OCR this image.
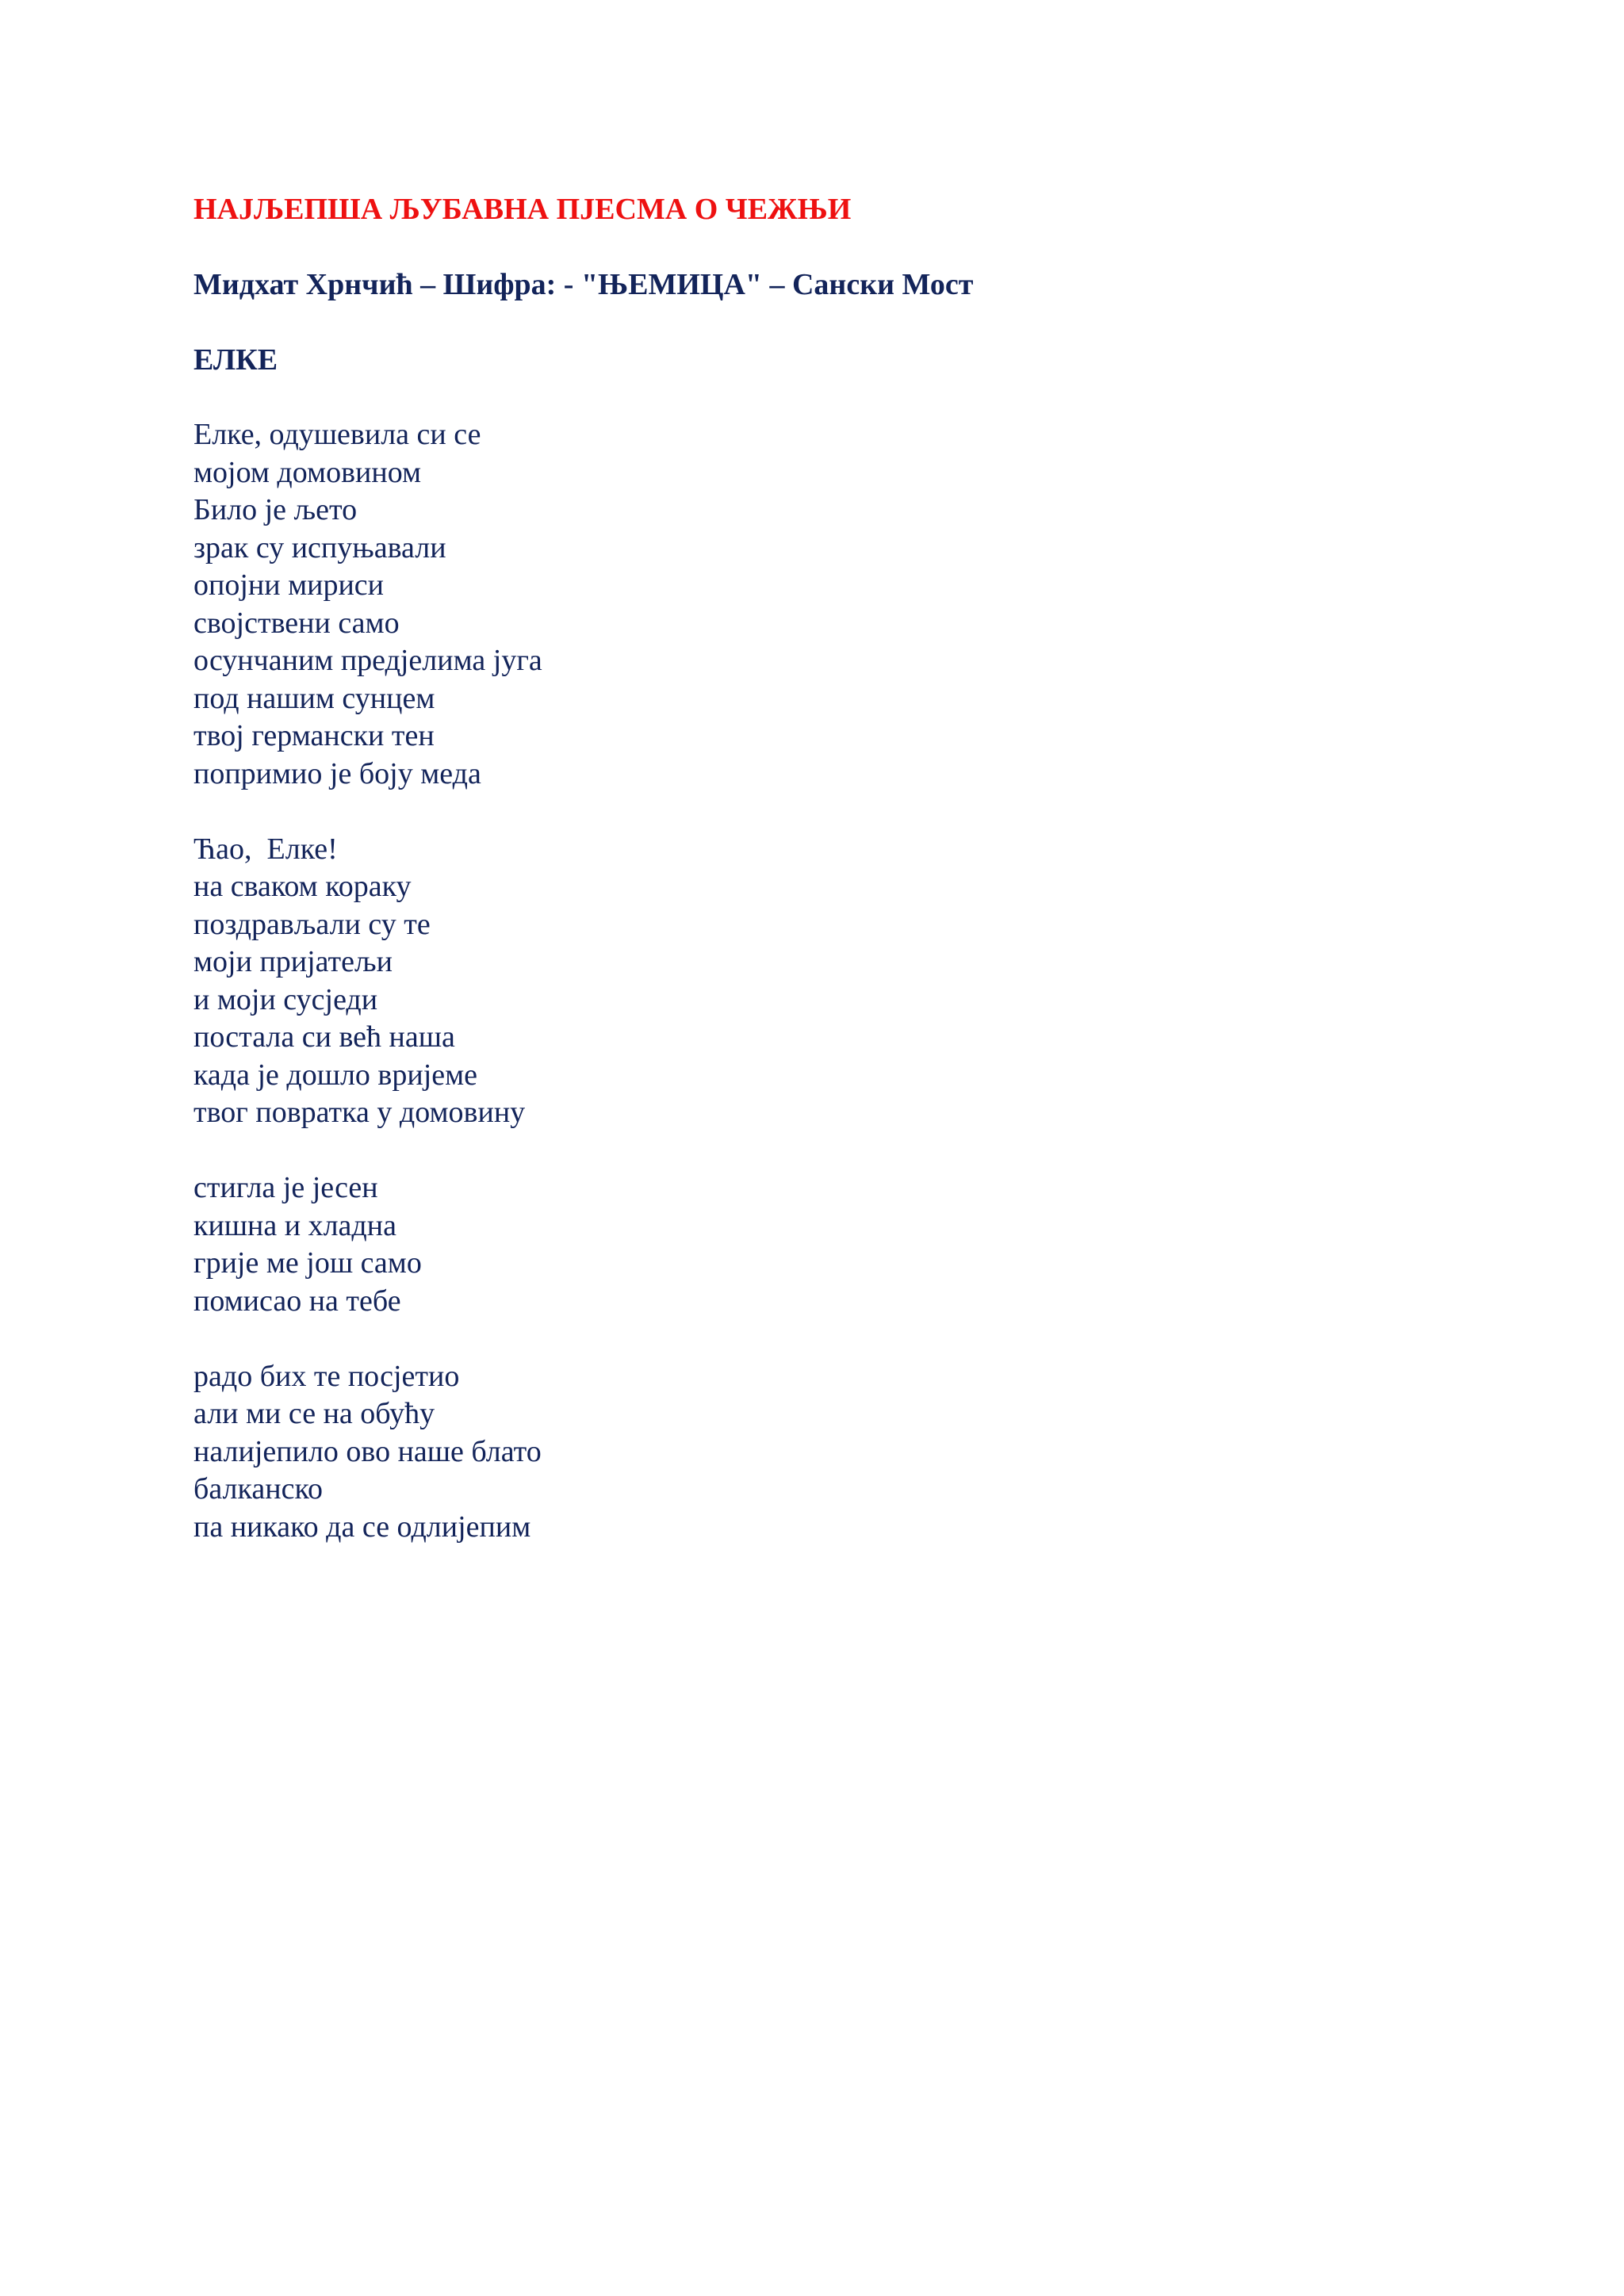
НАЈЉЕПША ЉУБАВНА ПЈЕСМА О ЧЕЖЊИ
Мидхат Хрнчић – Шифра: - "ЊЕМИЦА" – Сански Мост
ЕЛКЕ
Елке, одушевила си се
мојом домовином
Било је љето
зрак су испуњавали
опојни мириси
својствени само
осунчаним предјелима југа
под нашим сунцем
твој германски тен
попримио је боју меда
Ћао,  Елке!
на сваком кораку
поздрављали су те
моји пријатељи
и моји сусједи
постала си већ наша
када је дошло вријеме
твог повратка у домовину
стигла је јесен
кишна и хладна
грије ме још само
помисао на тебе
радо бих те посјетио
али ми се на обућу
налијепило ово наше блато
балканско
па никако да се одлијепим
